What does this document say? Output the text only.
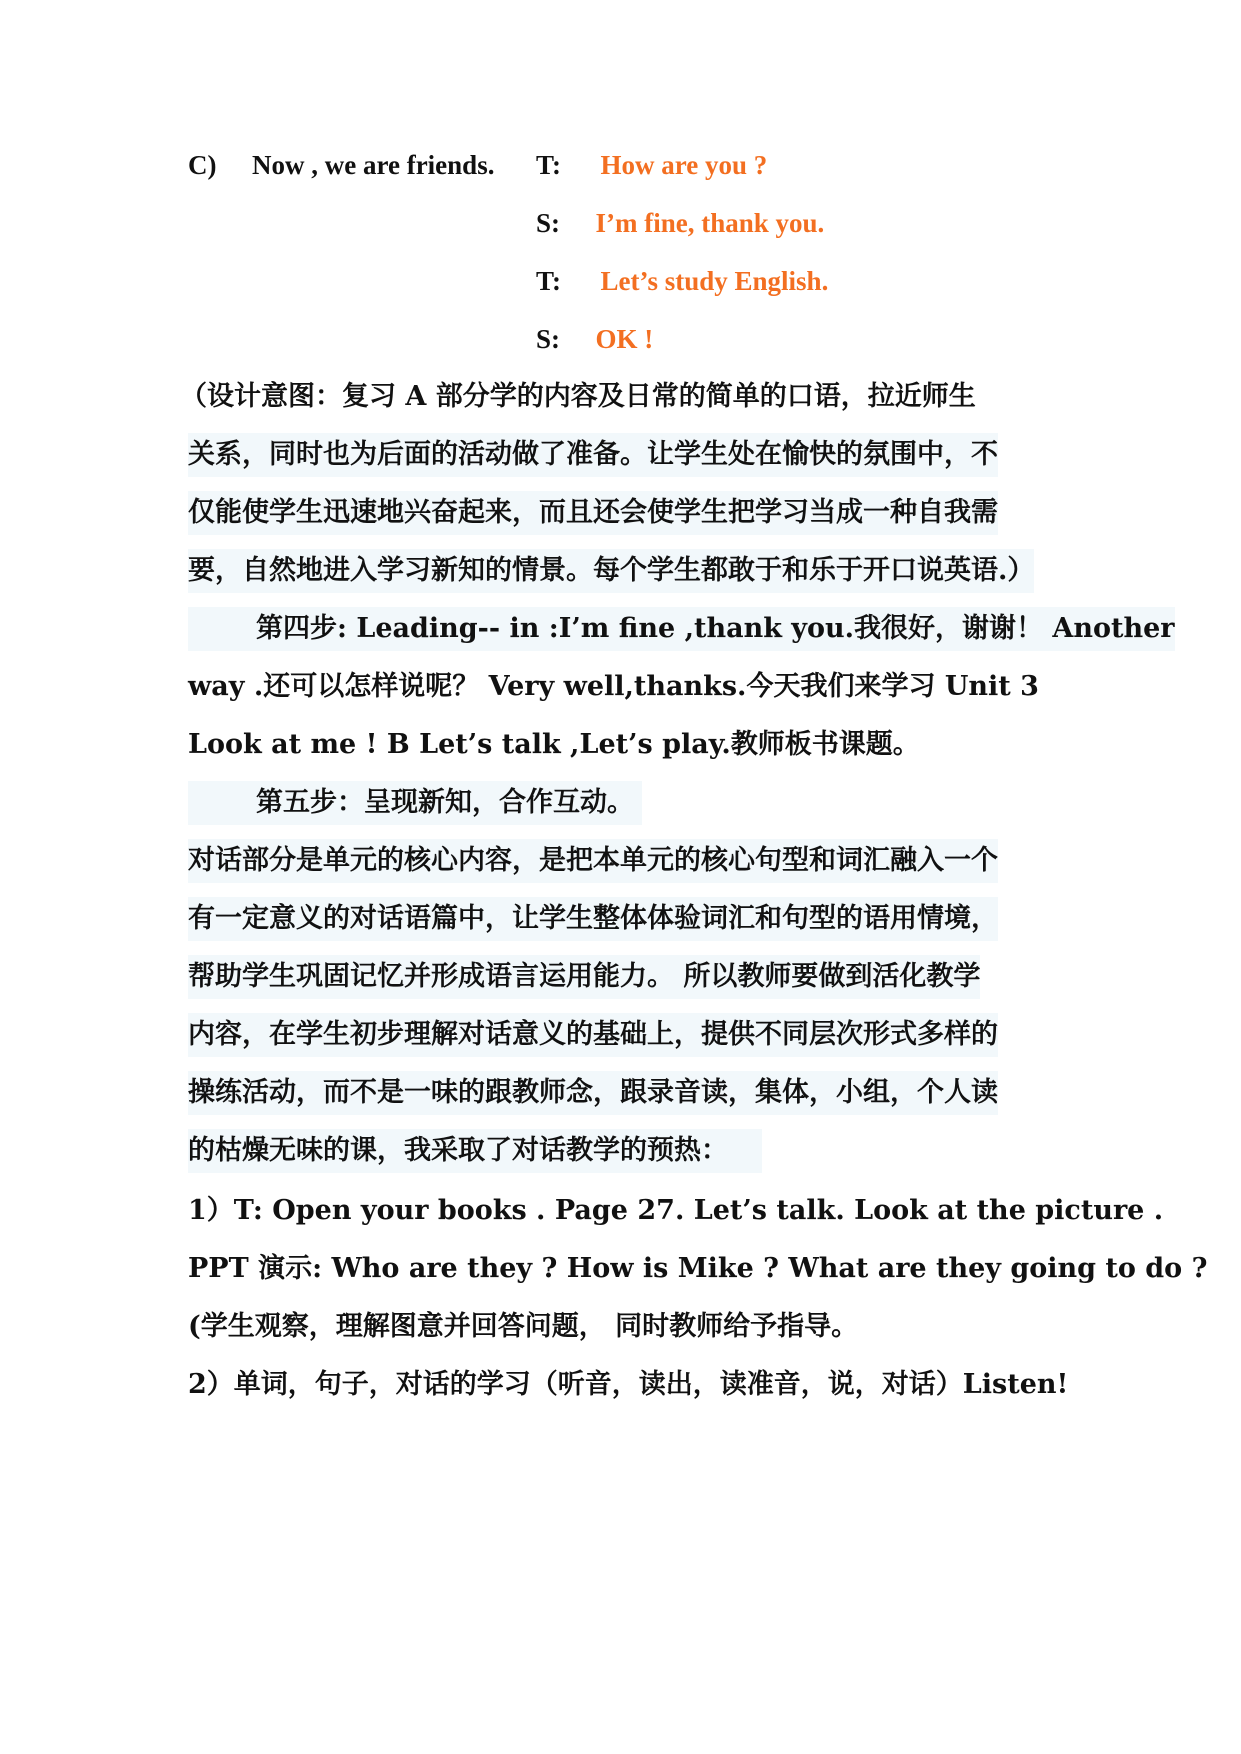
C) Now , we are friends. T: How are you ?
S: I’m fine, thank you.
T: Let’s study English.
S: OK !
（设计意图：复习 A 部分学的内容及日常的简单的口语，拉近师生
关系，同时也为后面的活动做了准备。让学生处在愉快的氛围中，不
仅能使学生迅速地兴奋起来，而且还会使学生把学习当成一种自我需
要，自然地进入学习新知的情景。每个学生都敢于和乐于开口说英语.）
第四步: Leading-- in :I’m fine ,thank you.我很好，谢谢！ Another
way .还可以怎样说呢？ Very well,thanks.今天我们来学习 Unit 3
Look at me ! B Let’s talk ,Let’s play.教师板书课题。
第五步：呈现新知，合作互动。
对话部分是单元的核心内容，是把本单元的核心句型和词汇融入一个
有一定意义的对话语篇中，让学生整体体验词汇和句型的语用情境，
帮助学生巩固记忆并形成语言运用能力。 所以教师要做到活化教学
内容，在学生初步理解对话意义的基础上，提供不同层次形式多样的
操练活动，而不是一味的跟教师念，跟录音读，集体，小组，个人读
的枯燥无味的课，我采取了对话教学的预热：
1）T: Open your books . Page 27. Let’s talk. Look at the picture .
PPT 演示: Who are they ? How is Mike ? What are they going to do ?
(学生观察，理解图意并回答问题， 同时教师给予指导。
2）单词，句子，对话的学习（听音，读出，读准音，说，对话）Listen!
